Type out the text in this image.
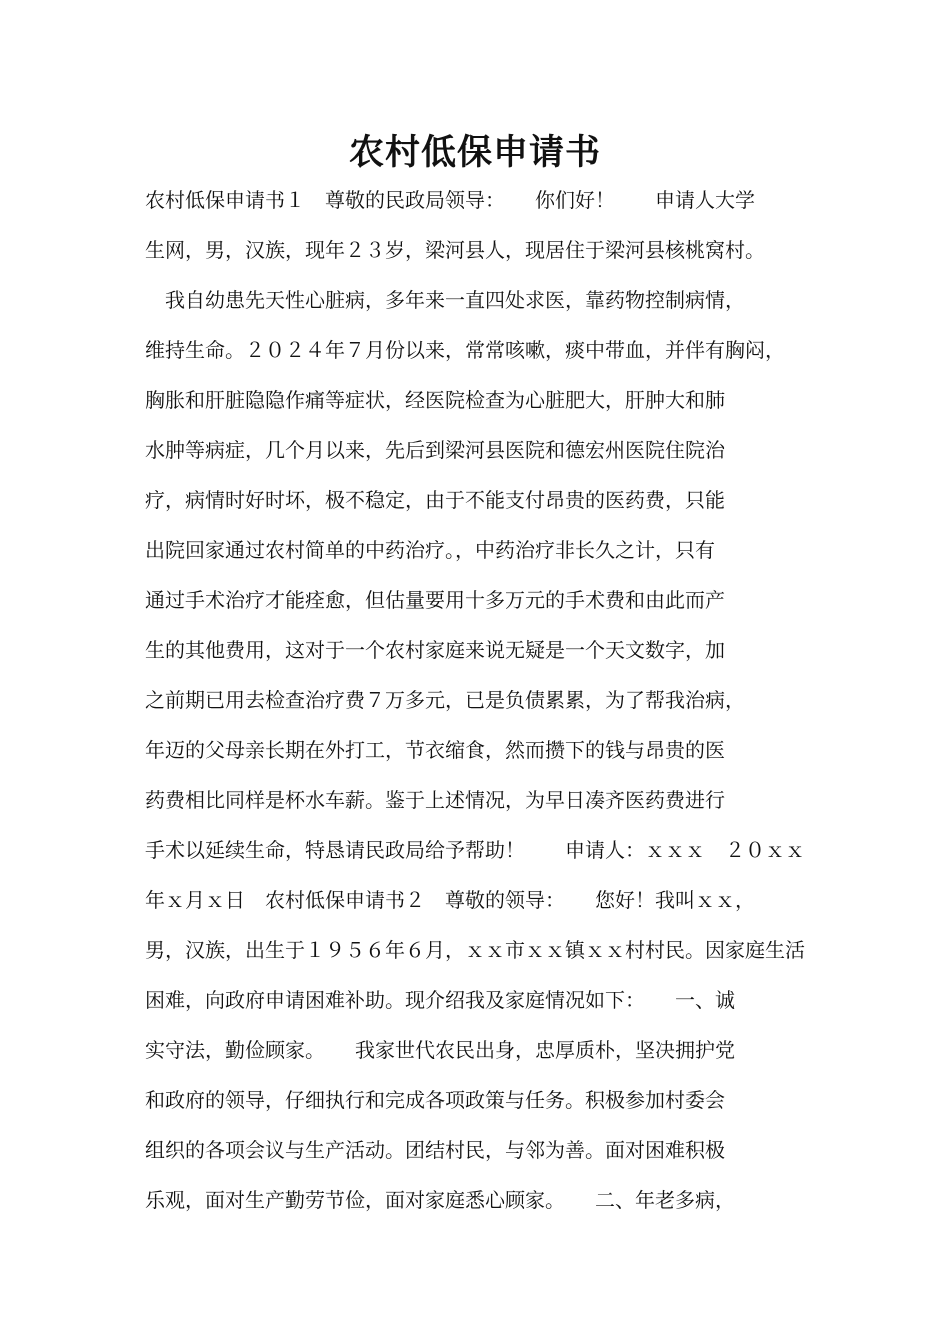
农村低保申请书
农村低保申请书１　尊敬的民政局领导：　　你们好！　　申请人大学
生网，男，汉族，现年２３岁，梁河县人，现居住于梁河县核桃窝村。
　我自幼患先天性心脏病，多年来一直四处求医，靠药物控制病情，
维持生命。２０２４年７月份以来，常常咳嗽，痰中带血，并伴有胸闷，
胸胀和肝脏隐隐作痛等症状，经医院检查为心脏肥大，肝肿大和肺
水肿等病症，几个月以来，先后到梁河县医院和德宏州医院住院治
疗，病情时好时坏，极不稳定，由于不能支付昂贵的医药费，只能
出院回家通过农村简单的中药治疗。，中药治疗非长久之计，只有
通过手术治疗才能痊愈，但估量要用十多万元的手术费和由此而产
生的其他费用，这对于一个农村家庭来说无疑是一个天文数字，加
之前期已用去检查治疗费７万多元，已是负债累累，为了帮我治病，
年迈的父母亲长期在外打工，节衣缩食，然而攒下的钱与昂贵的医
药费相比同样是杯水车薪。鉴于上述情况，为早日凑齐医药费进行
手术以延续生命，特恳请民政局给予帮助！　　申请人：ｘｘｘ　２０ｘｘ
年ｘ月ｘ日　农村低保申请书２　尊敬的领导：　　您好！我叫ｘｘ，
男，汉族，出生于１９５６年６月，ｘｘ市ｘｘ镇ｘｘ村村民。因家庭生活
困难，向政府申请困难补助。现介绍我及家庭情况如下：　　一、诚
实守法，勤俭顾家。　　我家世代农民出身，忠厚质朴，坚决拥护党
和政府的领导，仔细执行和完成各项政策与任务。积极参加村委会
组织的各项会议与生产活动。团结村民，与邻为善。面对困难积极
乐观，面对生产勤劳节俭，面对家庭悉心顾家。　　二、年老多病，
